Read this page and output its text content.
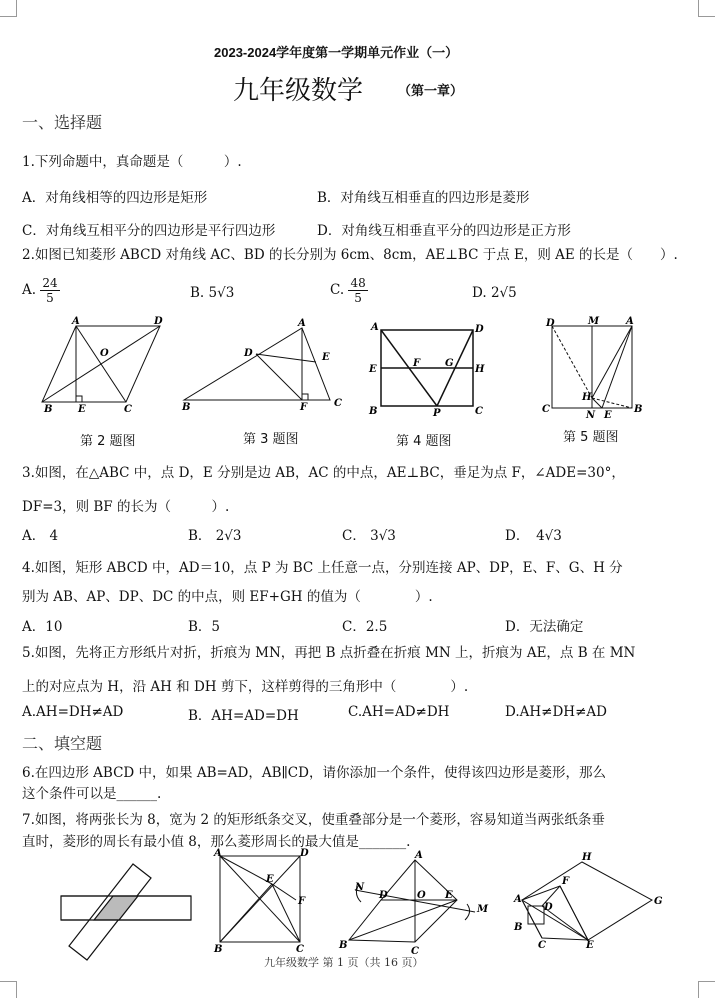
2023-2024学年度第一学期单元作业（一）
九年级数学	（第一章）
一、选择题
1.下列命题中，真命题是（　　　）.
A．对角线相等的四边形是矩形	B．对角线互相垂直的四边形是菱形
C．对角线互相平分的四边形是平行四边形	D．对角线互相垂直平分的四边形是正方形
2.如图已知菱形 ABCD 对角线 AC、BD 的长分别为 6cm、8cm，AE⊥BC 于点 E，则 AE 的长是（　　）.
A. $\frac{24}{5}$	B. 5√3	C. $\frac{48}{5}$	D. 2√5
A	D
O
B	E	C
A
D	E
B	F	C
A	D
E
F G
H
B	P	C
D	M	A
H
C
N E
B
第 2 题图	第 3 题图	第 4 题图	第 5 题图
3.如图，在△ABC 中，点 D，E 分别是边 AB，AC 的中点，AE⊥BC，垂足为点 F，∠ADE=30°，
DF=3，则 BF 的长为（　　　）.
A． 4	B． 2√3	C． 3√3	D．　4√3
4.如图，矩形 ABCD 中，AD＝10，点 P 为 BC 上任意一点，分别连接 AP、DP，E、F、G、H 分
别为 AB、AP、DP、DC 的中点，则 EF+GH 的值为（　　　　）.
A．10	B．5	C．2.5	D．无法确定
5.如图，先将正方形纸片对折，折痕为 MN，再把 B 点折叠在折痕 MN 上，折痕为 AE，点 B 在 MN
上的对应点为 H，沿 AH 和 DH 剪下，这样剪得的三角形中（　　　　）.
A.AH=DH≠AD	B．AH=AD=DH	C.AH=AD≠DH	D.AH≠DH≠AD
二、填空题
6.在四边形 ABCD 中，如果 AB=AD，AB∥CD，请你添加一个条件，使得该四边形是菱形，那么
这个条件可以是______.
7.如图，将两张长为 8，宽为 2 的矩形纸条交叉，使重叠部分是一个菱形，容易知道当两张纸条垂
直时，菱形的周长有最小值 8，那么菱形周长的最大值是_______.
A	D
E
F
B	C
A
N
D	O E
M
B
C
H
A
F
D
G
B
C	E
九年级数学 第 1 页（共 16 页）
